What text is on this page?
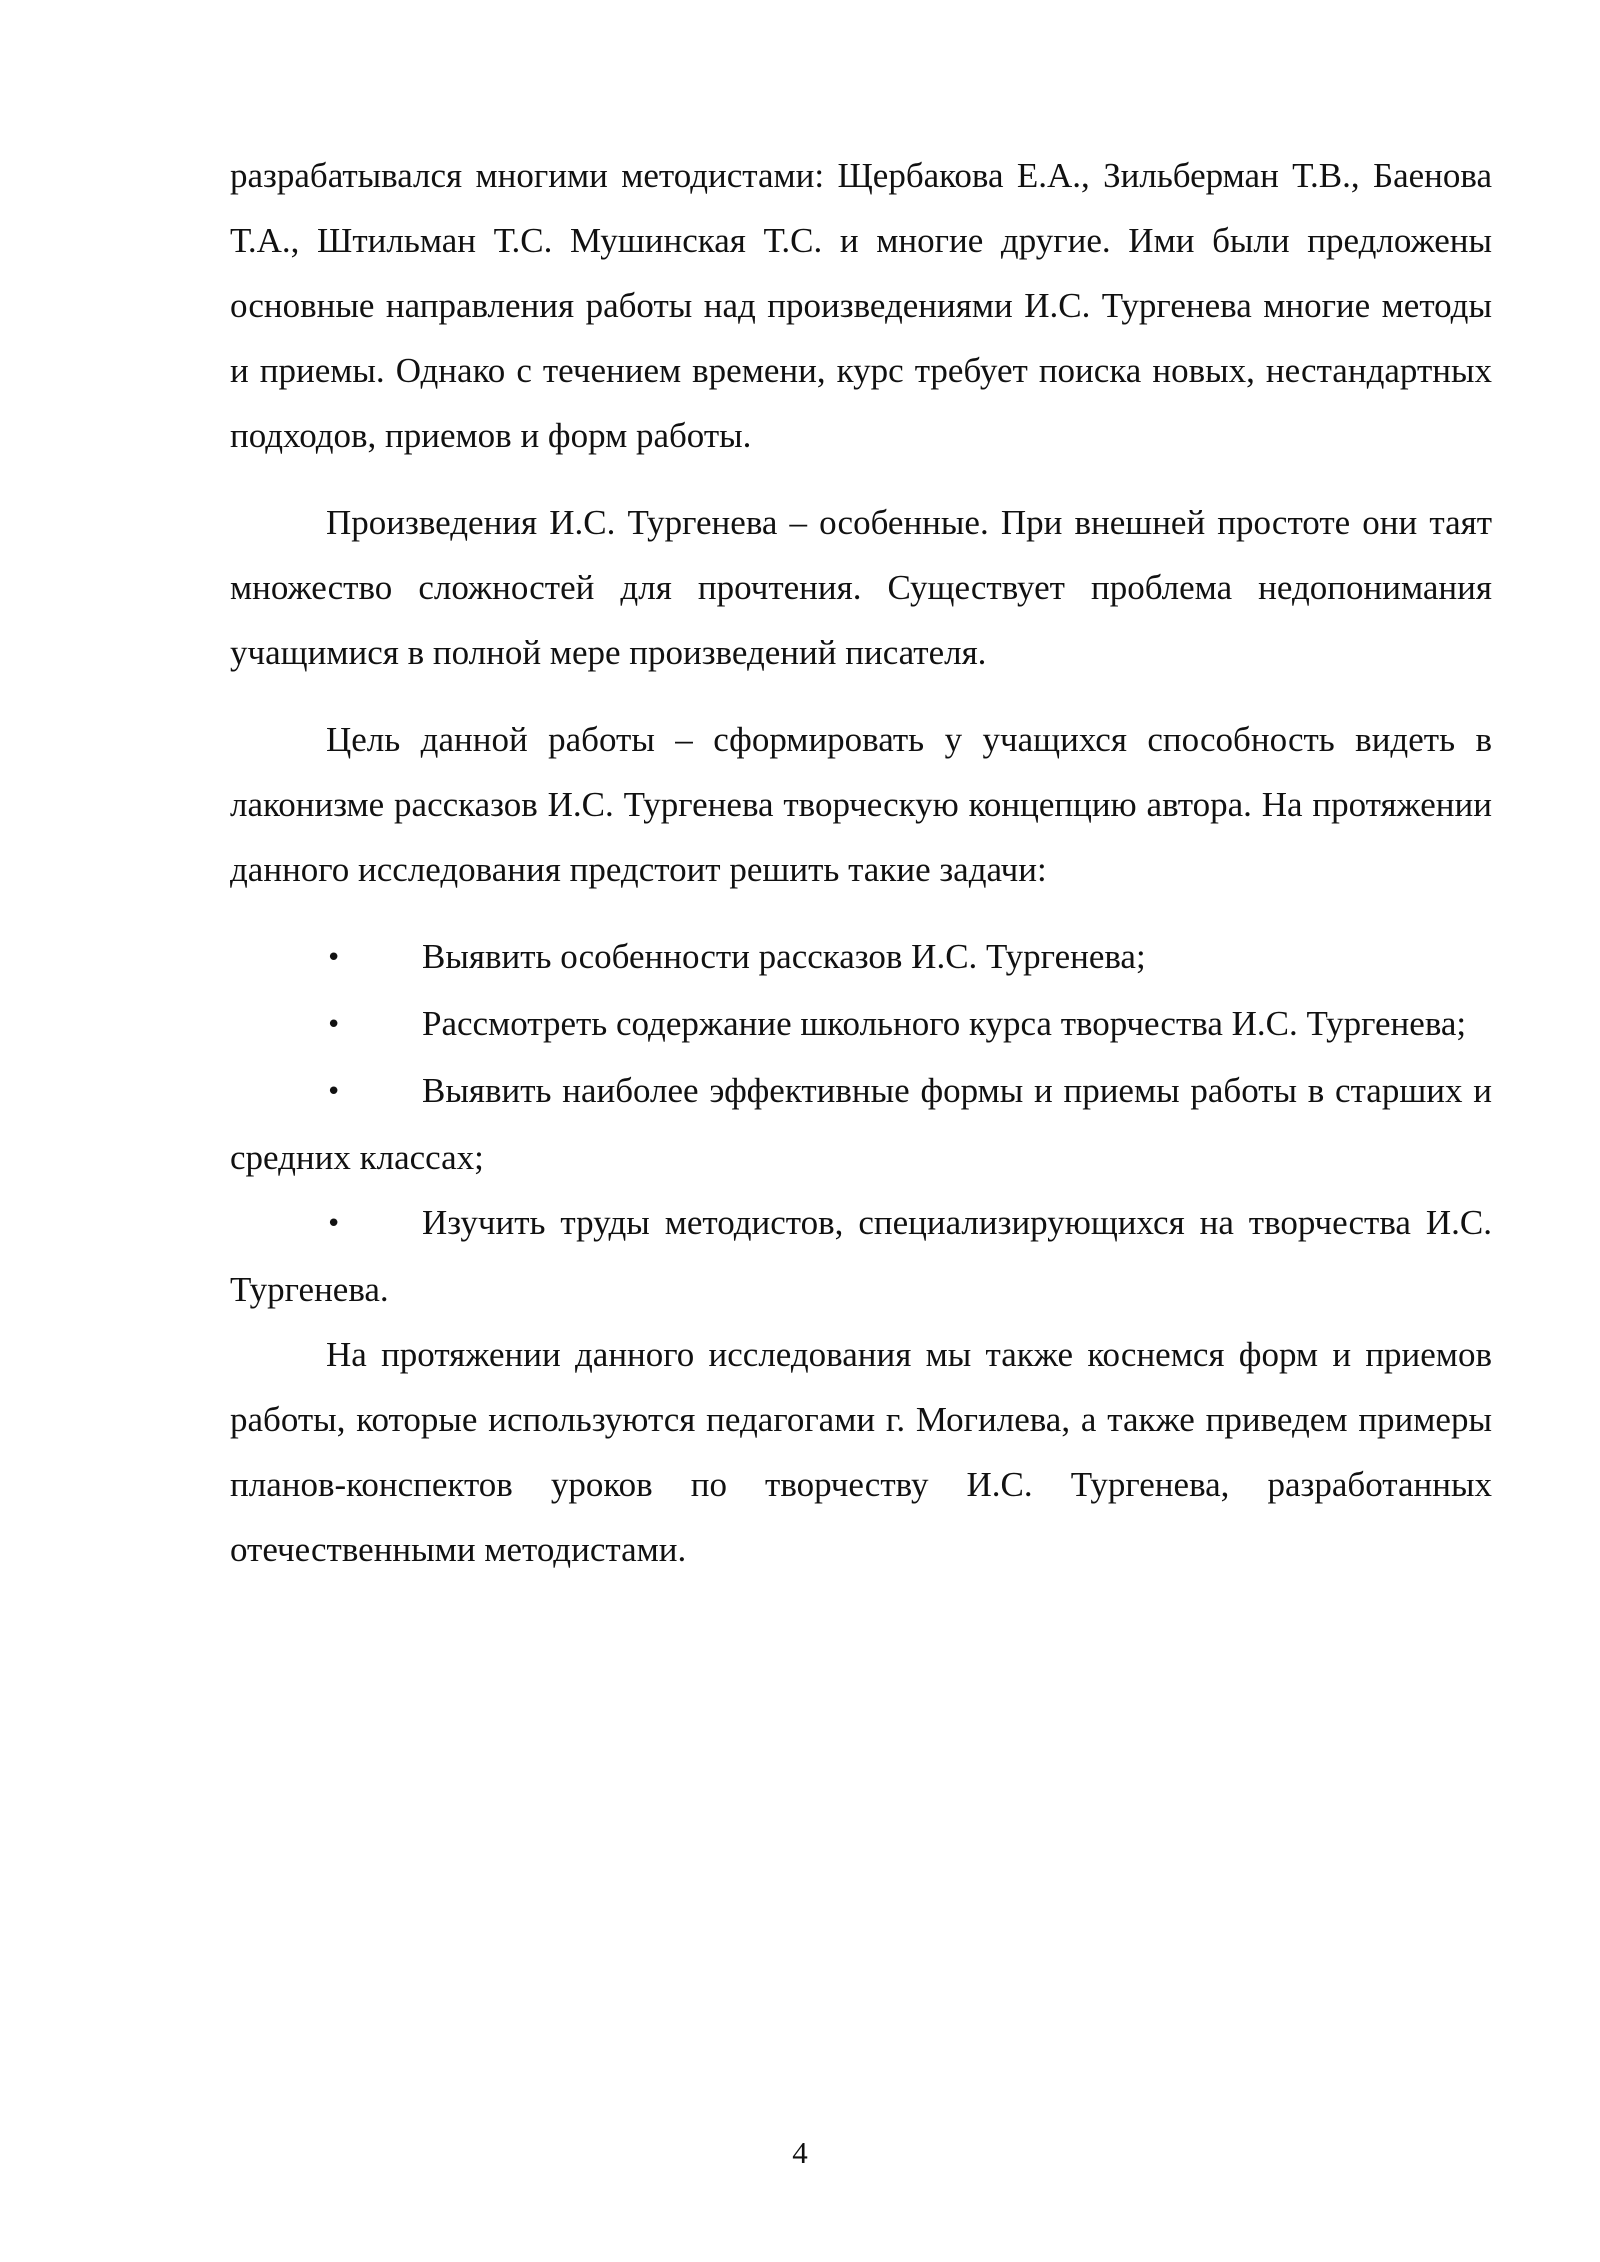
разрабатывался многими методистами: Щербакова Е.А., Зильберман Т.В., Баенова Т.А., Штильман Т.С. Мушинская Т.С. и многие другие. Ими были предложены основные направления работы над произведениями И.С. Тургенева многие методы и приемы. Однако с течением времени, курс требует поиска новых, нестандартных подходов, приемов и форм работы.

Произведения И.С. Тургенева – особенные. При внешней простоте они таят множество сложностей для прочтения. Существует проблема недопонимания учащимися в полной мере произведений писателя.

Цель данной работы – сформировать у учащихся способность видеть в лаконизме рассказов И.С. Тургенева творческую концепцию автора. На протяжении данного исследования предстоит решить такие задачи:

• Выявить особенности рассказов И.С. Тургенева;
• Рассмотреть содержание школьного курса творчества И.С. Тургенева;
• Выявить наиболее эффективные формы и приемы работы в старших и средних классах;
• Изучить труды методистов, специализирующихся на творчества И.С. Тургенева.

На протяжении данного исследования мы также коснемся форм и приемов работы, которые используются педагогами г. Могилева, а также приведем примеры планов-конспектов уроков по творчеству И.С. Тургенева, разработанных отечественными методистами.

4
